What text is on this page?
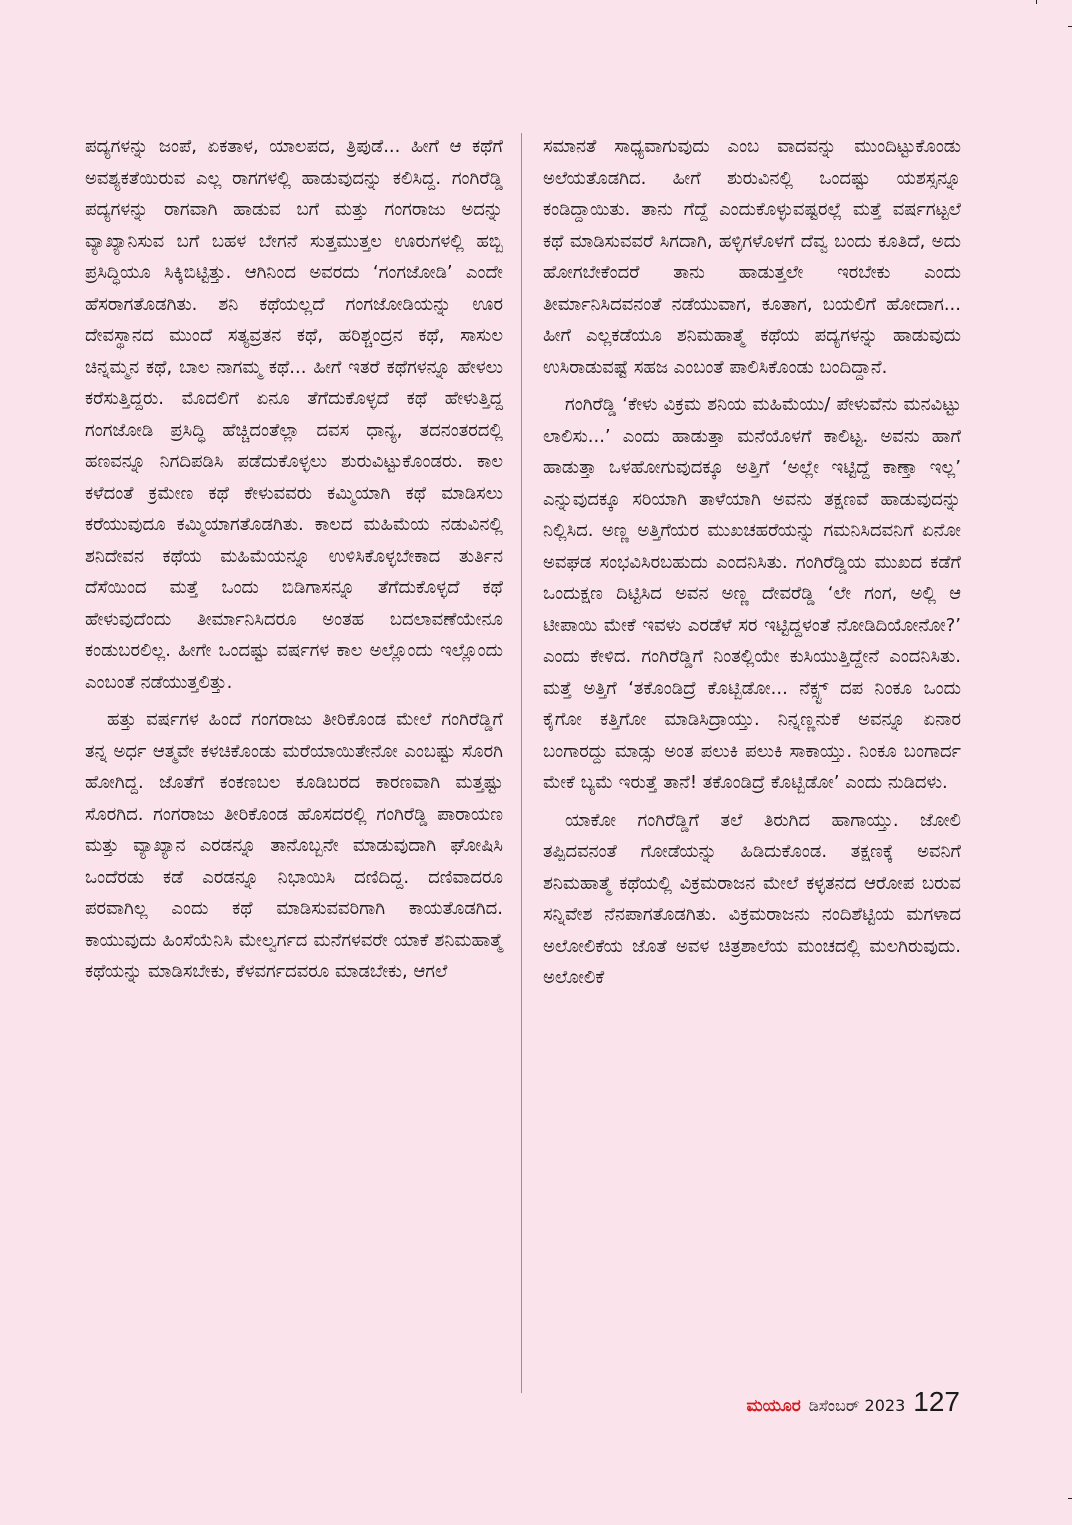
ಪದ್ಯಗಳನ್ನು ಜಂಪೆ, ಏಕತಾಳ, ಯಾಲಪದ, ತ್ರಿಪುಡೆ... ಹೀಗೆ ಆ ಕಥೆಗೆ ಅವಶ್ಯಕತೆಯಿರುವ ಎಲ್ಲ ರಾಗಗಳಲ್ಲಿ ಹಾಡುವುದನ್ನು ಕಲಿಸಿದ್ದ. ಗಂಗಿರೆಡ್ಡಿ ಪದ್ಯಗಳನ್ನು ರಾಗವಾಗಿ ಹಾಡುವ ಬಗೆ ಮತ್ತು ಗಂಗರಾಜು ಅದನ್ನು ವ್ಯಾಖ್ಯಾನಿಸುವ ಬಗೆ ಬಹಳ ಬೇಗನೆ ಸುತ್ತಮುತ್ತಲ ಊರುಗಳಲ್ಲಿ ಹಬ್ಬಿ ಪ್ರಸಿದ್ಧಿಯೂ ಸಿಕ್ಕಿಬಿಟ್ಟಿತ್ತು. ಆಗಿನಿಂದ ಅವರದು ‘ಗಂಗಜೋಡಿ’ ಎಂದೇ ಹೆಸರಾಗತೊಡಗಿತು. ಶನಿ ಕಥೆಯಲ್ಲದೆ ಗಂಗಜೋಡಿಯನ್ನು ಊರ ದೇವಸ್ಥಾನದ ಮುಂದೆ ಸತ್ಯವ್ರತನ ಕಥೆ, ಹರಿಶ್ಚಂದ್ರನ ಕಥೆ, ಸಾಸುಲ ಚಿನ್ನಮ್ಮನ ಕಥೆ, ಬಾಲ ನಾಗಮ್ಮ ಕಥೆ... ಹೀಗೆ ಇತರೆ ಕಥೆಗಳನ್ನೂ ಹೇಳಲು ಕರೆಸುತ್ತಿದ್ದರು. ಮೊದಲಿಗೆ ಏನೂ ತೆಗೆದುಕೊಳ್ಳದೆ ಕಥೆ ಹೇಳುತ್ತಿದ್ದ ಗಂಗಜೋಡಿ ಪ್ರಸಿದ್ಧಿ ಹೆಚ್ಚಿದಂತೆಲ್ಲಾ ದವಸ ಧಾನ್ಯ, ತದನಂತರದಲ್ಲಿ ಹಣವನ್ನೂ ನಿಗದಿಪಡಿಸಿ ಪಡೆದುಕೊಳ್ಳಲು ಶುರುವಿಟ್ಟುಕೊಂಡರು. ಕಾಲ ಕಳೆದಂತೆ ಕ್ರಮೇಣ ಕಥೆ ಕೇಳುವವರು ಕಮ್ಮಿಯಾಗಿ ಕಥೆ ಮಾಡಿಸಲು ಕರೆಯುವುದೂ ಕಮ್ಮಿಯಾಗತೊಡಗಿತು. ಕಾಲದ ಮಹಿಮೆಯ ನಡುವಿನಲ್ಲಿ ಶನಿದೇವನ ಕಥೆಯ ಮಹಿಮೆಯನ್ನೂ ಉಳಿಸಿಕೊಳ್ಳಬೇಕಾದ ತುರ್ತಿನ ದೆಸೆಯಿಂದ ಮತ್ತೆ ಒಂದು ಬಿಡಿಗಾಸನ್ನೂ ತೆಗೆದುಕೊಳ್ಳದೆ ಕಥೆ ಹೇಳುವುದೆಂದು ತೀರ್ಮಾನಿಸಿದರೂ ಅಂತಹ ಬದಲಾವಣೆಯೇನೂ ಕಂಡುಬರಲಿಲ್ಲ. ಹೀಗೇ ಒಂದಷ್ಟು ವರ್ಷಗಳ ಕಾಲ ಅಲ್ಲೊಂದು ಇಲ್ಲೊಂದು ಎಂಬಂತೆ ನಡೆಯುತ್ತಲಿತ್ತು.

ಹತ್ತು ವರ್ಷಗಳ ಹಿಂದೆ ಗಂಗರಾಜು ತೀರಿಕೊಂಡ ಮೇಲೆ ಗಂಗಿರೆಡ್ಡಿಗೆ ತನ್ನ ಅರ್ಧ ಆತ್ಮವೇ ಕಳಚಿಕೊಂಡು ಮರೆಯಾಯಿತೇನೋ ಎಂಬಷ್ಟು ಸೊರಗಿ ಹೋಗಿದ್ದ. ಜೊತೆಗೆ ಕಂಕಣಬಲ ಕೂಡಿಬರದ ಕಾರಣವಾಗಿ ಮತ್ತಷ್ಟು ಸೊರಗಿದ. ಗಂಗರಾಜು ತೀರಿಕೊಂಡ ಹೊಸದರಲ್ಲಿ ಗಂಗಿರೆಡ್ಡಿ ಪಾರಾಯಣ ಮತ್ತು ವ್ಯಾಖ್ಯಾನ ಎರಡನ್ನೂ ತಾನೊಬ್ಬನೇ ಮಾಡುವುದಾಗಿ ಘೋಷಿಸಿ ಒಂದೆರಡು ಕಡೆ ಎರಡನ್ನೂ ನಿಭಾಯಿಸಿ ದಣಿದಿದ್ದ. ದಣಿವಾದರೂ ಪರವಾಗಿಲ್ಲ ಎಂದು ಕಥೆ ಮಾಡಿಸುವವರಿಗಾಗಿ ಕಾಯತೊಡಗಿದ. ಕಾಯುವುದು ಹಿಂಸೆಯೆನಿಸಿ ಮೇಲ್ವರ್ಗದ ಮನೆಗಳವರೇ ಯಾಕೆ ಶನಿಮಹಾತ್ಮೆ ಕಥೆಯನ್ನು ಮಾಡಿಸಬೇಕು, ಕೆಳವರ್ಗದವರೂ ಮಾಡಬೇಕು, ಆಗಲೆ

ಸಮಾನತೆ ಸಾಧ್ಯವಾಗುವುದು ಎಂಬ ವಾದವನ್ನು ಮುಂದಿಟ್ಟುಕೊಂಡು ಅಲೆಯತೊಡಗಿದ. ಹೀಗೆ ಶುರುವಿನಲ್ಲಿ ಒಂದಷ್ಟು ಯಶಸ್ಸನ್ನೂ ಕಂಡಿದ್ದಾಯಿತು. ತಾನು ಗೆದ್ದೆ ಎಂದುಕೊಳ್ಳುವಷ್ಟರಲ್ಲೆ ಮತ್ತೆ ವರ್ಷಗಟ್ಟಲೆ ಕಥೆ ಮಾಡಿಸುವವರೆ ಸಿಗದಾಗಿ, ಹಳ್ಳಿಗಳೊಳಗೆ ದೆವ್ವ ಬಂದು ಕೂತಿದೆ, ಅದು ಹೋಗಬೇಕೆಂದರೆ ತಾನು ಹಾಡುತ್ತಲೇ ಇರಬೇಕು ಎಂದು ತೀರ್ಮಾನಿಸಿದವನಂತೆ ನಡೆಯುವಾಗ, ಕೂತಾಗ, ಬಯಲಿಗೆ ಹೋದಾಗ... ಹೀಗೆ ಎಲ್ಲಕಡೆಯೂ ಶನಿಮಹಾತ್ಮೆ ಕಥೆಯ ಪದ್ಯಗಳನ್ನು ಹಾಡುವುದು ಉಸಿರಾಡುವಷ್ಟೆ ಸಹಜ ಎಂಬಂತೆ ಪಾಲಿಸಿಕೊಂಡು ಬಂದಿದ್ದಾನೆ.

ಗಂಗಿರೆಡ್ಡಿ ‘ಕೇಳು ವಿಕ್ರಮ ಶನಿಯ ಮಹಿಮೆಯು/ ಪೇಳುವೆನು ಮನವಿಟ್ಟು ಲಾಲಿಸು...’ ಎಂದು ಹಾಡುತ್ತಾ ಮನೆಯೊಳಗೆ ಕಾಲಿಟ್ಟ. ಅವನು ಹಾಗೆ ಹಾಡುತ್ತಾ ಒಳಹೋಗುವುದಕ್ಕೂ ಅತ್ತಿಗೆ ‘ಅಲ್ಲೇ ಇಟ್ಟಿದ್ದೆ ಕಾಣ್ತಾ ಇಲ್ಲ’ ಎನ್ನುವುದಕ್ಕೂ ಸರಿಯಾಗಿ ತಾಳೆಯಾಗಿ ಅವನು ತಕ್ಷಣವೆ ಹಾಡುವುದನ್ನು ನಿಲ್ಲಿಸಿದ. ಅಣ್ಣ ಅತ್ತಿಗೆಯರ ಮುಖಚಹರೆಯನ್ನು ಗಮನಿಸಿದವನಿಗೆ ಏನೋ ಅವಘಡ ಸಂಭವಿಸಿರಬಹುದು ಎಂದನಿಸಿತು. ಗಂಗಿರೆಡ್ಡಿಯ ಮುಖದ ಕಡೆಗೆ ಒಂದುಕ್ಷಣ ದಿಟ್ಟಿಸಿದ ಅವನ ಅಣ್ಣ ದೇವರೆಡ್ಡಿ ‘ಲೇ ಗಂಗ, ಅಲ್ಲಿ ಆ ಟೀಪಾಯಿ ಮೇಕೆ ಇವಳು ಎರಡೆಳೆ ಸರ ಇಟ್ಟಿದ್ದಳಂತೆ ನೋಡಿದಿಯೋನೋ?’ ಎಂದು ಕೇಳಿದ. ಗಂಗಿರೆಡ್ಡಿಗೆ ನಿಂತಲ್ಲಿಯೇ ಕುಸಿಯುತ್ತಿದ್ದೇನೆ ಎಂದನಿಸಿತು. ಮತ್ತೆ ಅತ್ತಿಗೆ ‘ತಕೊಂಡಿದ್ರೆ ಕೊಟ್ಬಿಡೋ... ನೆಕ್ಸ್ಟ್ ದಪ ನಿಂಕೂ ಒಂದು ಕೈಗೋ ಕತ್ತಿಗೋ ಮಾಡಿಸಿದ್ರಾಯ್ತು. ನಿನ್ನಣ್ಣನುಕೆ ಅವನ್ನೂ ಏನಾರ ಬಂಗಾರದ್ದು ಮಾಡ್ಸು ಅಂತ ಪಲುಕಿ ಪಲುಕಿ ಸಾಕಾಯ್ತು. ನಿಂಕೂ ಬಂಗಾರ್ದ ಮೇಕೆ ಬ್ಯಮೆ ಇರುತ್ತೆ ತಾನೆ! ತಕೊಂಡಿದ್ರೆ ಕೊಟ್ಬಿಡೋ’ ಎಂದು ನುಡಿದಳು.

ಯಾಕೋ ಗಂಗಿರೆಡ್ಡಿಗೆ ತಲೆ ತಿರುಗಿದ ಹಾಗಾಯ್ತು. ಜೋಲಿ ತಪ್ಪಿದವನಂತೆ ಗೋಡೆಯನ್ನು ಹಿಡಿದುಕೊಂಡ. ತಕ್ಷಣಕ್ಕೆ ಅವನಿಗೆ ಶನಿಮಹಾತ್ಮೆ ಕಥೆಯಲ್ಲಿ ವಿಕ್ರಮರಾಜನ ಮೇಲೆ ಕಳ್ಳತನದ ಆರೋಪ ಬರುವ ಸನ್ನಿವೇಶ ನೆನಪಾಗತೊಡಗಿತು. ವಿಕ್ರಮರಾಜನು ನಂದಿಶೆಟ್ಟಿಯ ಮಗಳಾದ ಅಲೋಲಿಕೆಯ ಜೊತೆ ಅವಳ ಚಿತ್ರಶಾಲೆಯ ಮಂಚದಲ್ಲಿ ಮಲಗಿರುವುದು. ಅಲೋಲಿಕೆ

ಮಯೂರ ಡಿಸೆಂಬರ್ 2023 127
